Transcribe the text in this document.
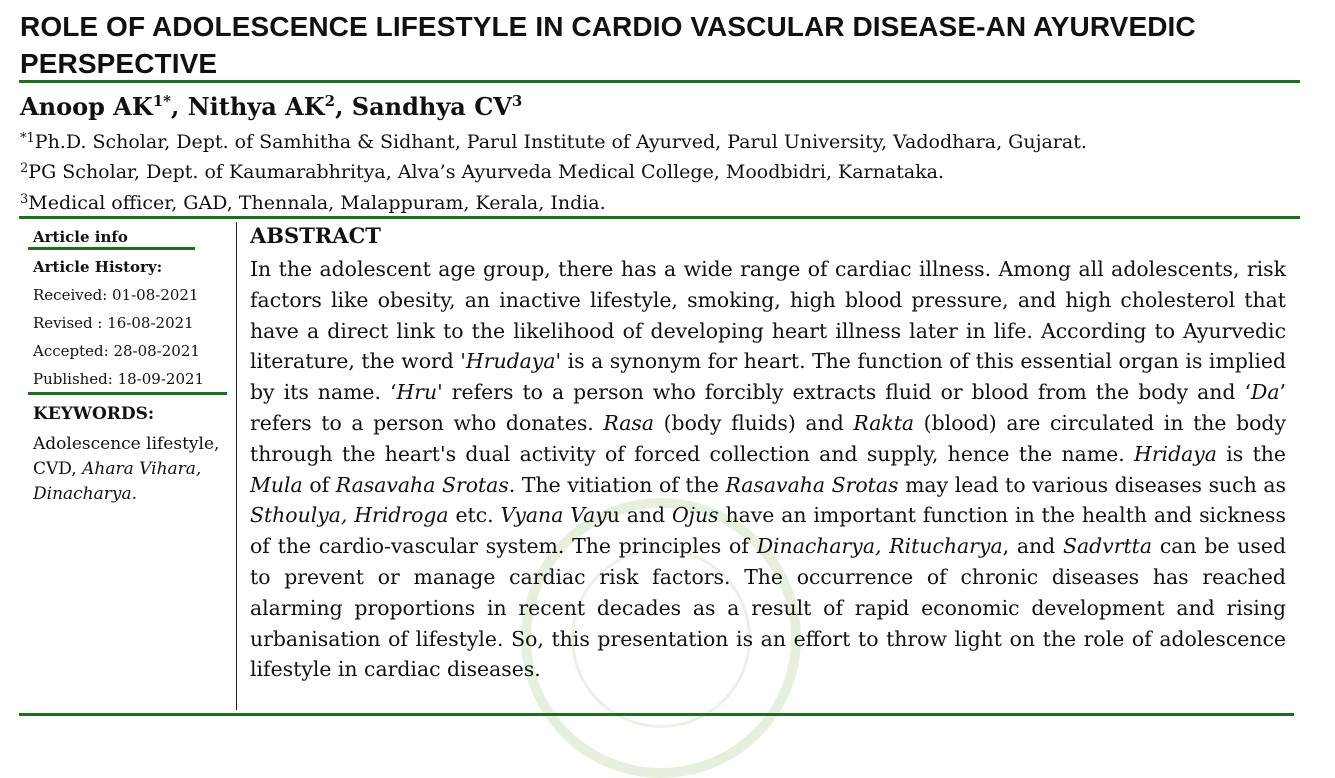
ROLE OF ADOLESCENCE LIFESTYLE IN CARDIO VASCULAR DISEASE-AN AYURVEDIC PERSPECTIVE
Anoop $AK^{1*}$, Nithya $AK^2$, Sandhya $CV^3$
$^{*1}$Ph.D. Scholar, Dept. of Samhitha & Sidhant, Parul Institute of Ayurved, Parul University, Vadodhara, Gujarat.
$^2$PG Scholar, Dept. of Kaumarabhritya, Alva’s Ayurveda Medical College, Moodbidri, Karnataka.
$^3$Medical officer, GAD, Thennala, Malappuram, Kerala, India.
Article info
Article History:
Received: 01-08-2021
Revised : 16-08-2021
Accepted: 28-08-2021
Published: 18-09-2021
KEYWORDS:
Adolescence lifestyle, CVD, Ahara Vihara, Dinacharya.
ABSTRACT
In the adolescent age group, there has a wide range of cardiac illness. Among all adolescents, risk factors like obesity, an inactive lifestyle, smoking, high blood pressure, and high cholesterol that have a direct link to the likelihood of developing heart illness later in life. According to Ayurvedic literature, the word 'Hrudaya' is a synonym for heart. The function of this essential organ is implied by its name. ‘Hru' refers to a person who forcibly extracts fluid or blood from the body and ‘Da’ refers to a person who donates. Rasa (body fluids) and Rakta (blood) are circulated in the body through the heart's dual activity of forced collection and supply, hence the name. Hridaya is the Mula of Rasavaha Srotas. The vitiation of the Rasavaha Srotas may lead to various diseases such as Sthoulya, Hridroga etc. Vyana Vayu and Ojus have an important function in the health and sickness of the cardio-vascular system. The principles of Dinacharya, Ritucharya, and Sadvrtta can be used to prevent or manage cardiac risk factors. The occurrence of chronic diseases has reached alarming proportions in recent decades as a result of rapid economic development and rising urbanisation of lifestyle. So, this presentation is an effort to throw light on the role of adolescence lifestyle in cardiac diseases.
